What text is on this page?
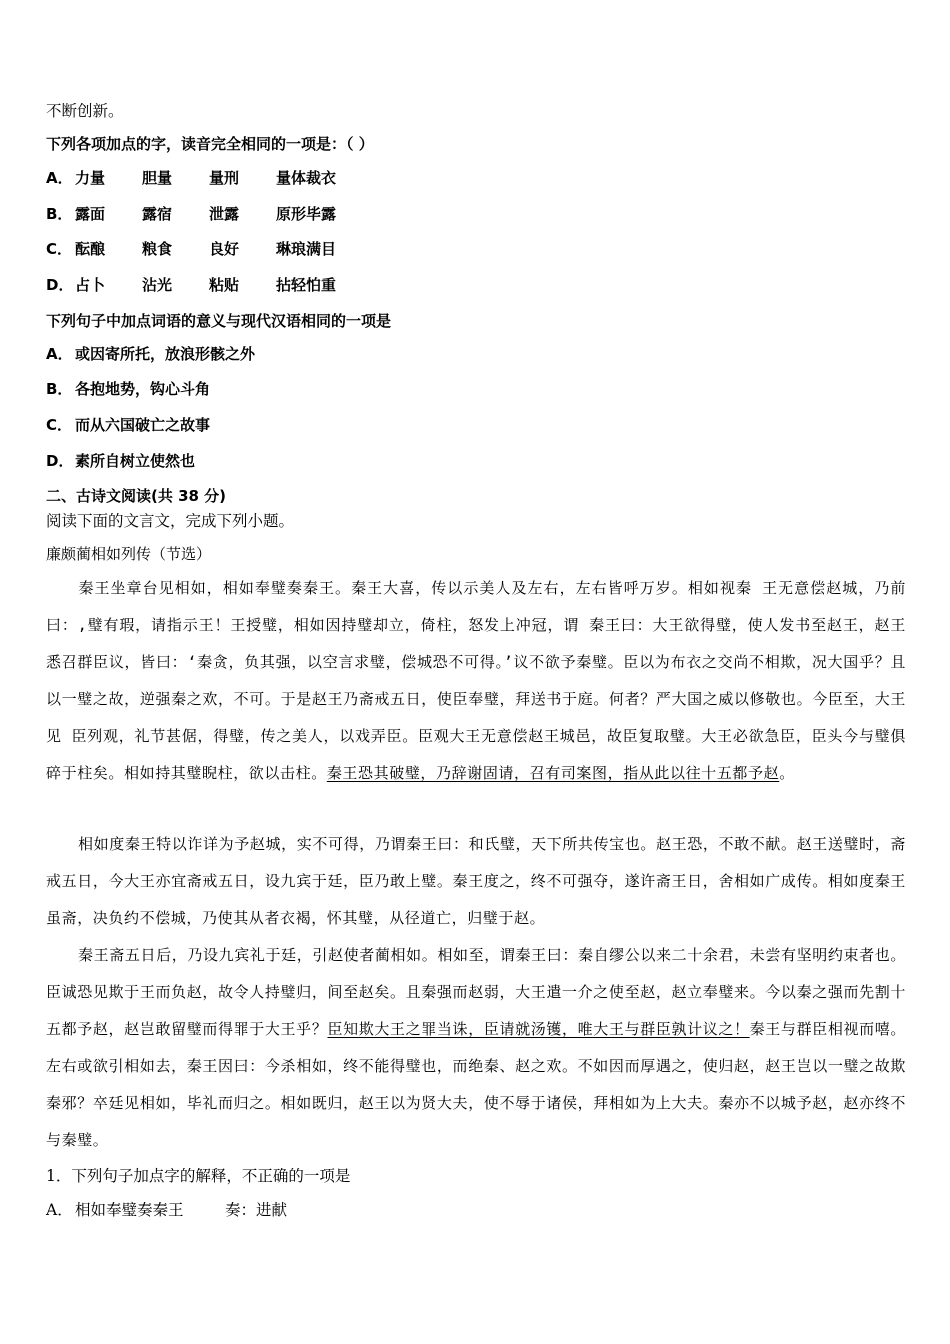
不断创新。
下列各项加点的字，读音完全相同的一项是：（ ）
A． 力量 胆量 量刑 量体裁衣
B． 露面 露宿 泄露 原形毕露
C． 酝酿 粮食 良好 琳琅满目
D． 占卜 沾光 粘贴 拈轻怕重
下列句子中加点词语的意义与现代汉语相同的一项是
A． 或因寄所托，放浪形骸之外
B． 各抱地势，钩心斗角
C． 而从六国破亡之故事
D． 素所自树立使然也
二、古诗文阅读(共 38 分)
阅读下面的文言文，完成下列小题。
廉颇蔺相如列传（节选）
秦王坐章台见相如，相如奉璧奏秦王。秦王大喜，传以示美人及左右，左右皆呼万岁。相如视秦 王无意偿赵城，乃前曰：,璧有瑕，请指示王！王授璧，相如因持璧却立，倚柱，怒发上冲冠，谓 秦王曰：大王欲得璧，使人发书至赵王，赵王悉召群臣议，皆曰：‘秦贪，负其强，以空言求璧，偿城恐不可得。’议不欲予秦璧。臣以为布衣之交尚不相欺，况大国乎？且以一璧之故，逆强秦之欢，不可。于是赵王乃斋戒五日，使臣奉璧，拜送书于庭。何者？严大国之威以修敬也。今臣至，大王见 臣列观，礼节甚倨，得璧，传之美人，以戏弄臣。臣观大王无意偿赵王城邑，故臣复取璧。大王必欲急臣，臣头今与璧俱碎于柱矣。相如持其璧睨柱，欲以击柱。秦王恐其破璧，乃辞谢固请，召有司案图，指从此以往十五都予赵。
相如度秦王特以诈详为予赵城，实不可得，乃谓秦王曰：和氏璧，天下所共传宝也。赵王恐，不敢不献。赵王送璧时，斋戒五日，今大王亦宜斋戒五日，设九宾于廷，臣乃敢上璧。秦王度之，终不可强夺，遂许斋王日，舍相如广成传。相如度秦王虽斋，决负约不偿城，乃使其从者衣褐，怀其璧，从径道亡，归璧于赵。
秦王斋五日后，乃设九宾礼于廷，引赵使者蔺相如。相如至，谓秦王曰：秦自缪公以来二十余君，未尝有坚明约束者也。臣诚恐见欺于王而负赵，故令人持璧归，间至赵矣。且秦强而赵弱，大王遣一介之使至赵，赵立奉璧来。今以秦之强而先割十五都予赵，赵岂敢留璧而得罪于大王乎？臣知欺大王之罪当诛，臣请就汤镬，唯大王与群臣孰计议之！秦王与群臣相视而嘻。左右或欲引相如去，秦王因曰：今杀相如，终不能得璧也，而绝秦、赵之欢。不如因而厚遇之，使归赵，赵王岂以一璧之故欺秦邪？卒廷见相如，毕礼而归之。相如既归，赵王以为贤大夫，使不辱于诸侯，拜相如为上大夫。秦亦不以城予赵，赵亦终不与秦璧。
1．下列句子加点字的解释，不正确的一项是
A． 相如奉璧奏秦王	奏：进献
